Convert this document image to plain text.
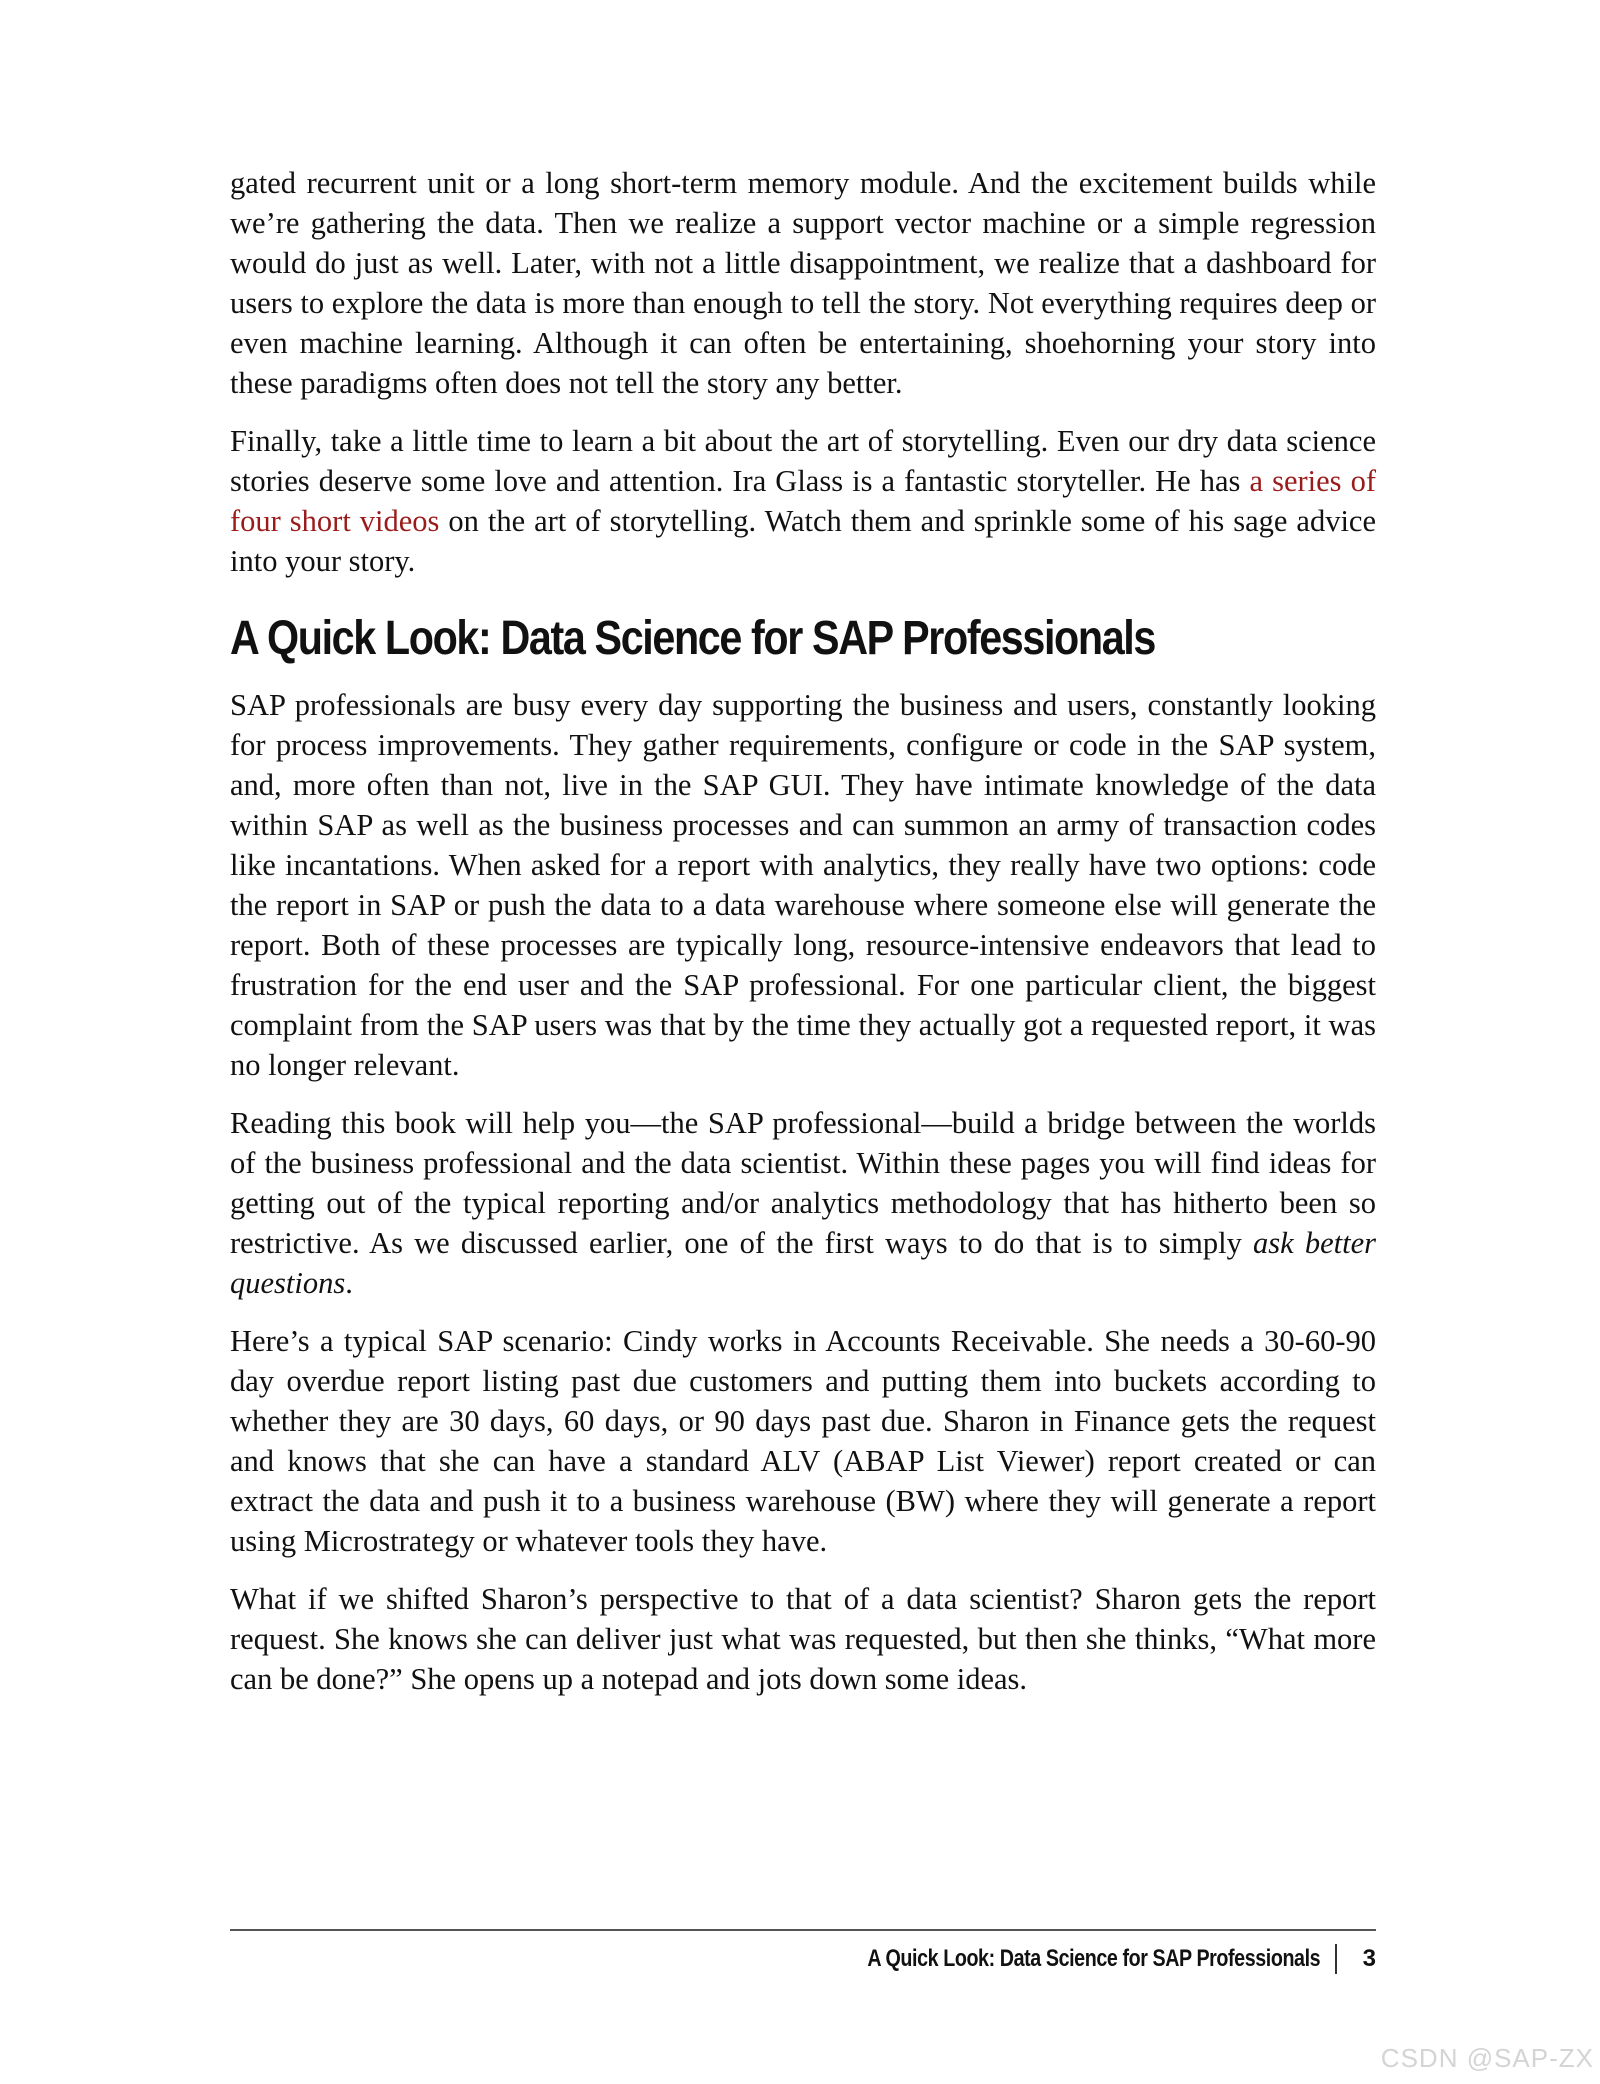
gated recurrent unit or a long short-term memory module. And the excitement builds while we’re gathering the data. Then we realize a support vector machine or a simple regression would do just as well. Later, with not a little disappointment, we realize that a dashboard for users to explore the data is more than enough to tell the story. Not everything requires deep or even machine learning. Although it can often be entertaining, shoehorning your story into these paradigms often does not tell the story any better.

Finally, take a little time to learn a bit about the art of storytelling. Even our dry data science stories deserve some love and attention. Ira Glass is a fantastic storyteller. He has a series of four short videos on the art of storytelling. Watch them and sprinkle some of his sage advice into your story.

A Quick Look: Data Science for SAP Professionals

SAP professionals are busy every day supporting the business and users, constantly looking for process improvements. They gather requirements, configure or code in the SAP system, and, more often than not, live in the SAP GUI. They have intimate knowledge of the data within SAP as well as the business processes and can summon an army of transaction codes like incantations. When asked for a report with analytics, they really have two options: code the report in SAP or push the data to a data warehouse where someone else will generate the report. Both of these processes are typically long, resource-intensive endeavors that lead to frustration for the end user and the SAP professional. For one particular client, the biggest complaint from the SAP users was that by the time they actually got a requested report, it was no longer relevant.

Reading this book will help you—the SAP professional—build a bridge between the worlds of the business professional and the data scientist. Within these pages you will find ideas for getting out of the typical reporting and/or analytics methodology that has hitherto been so restrictive. As we discussed earlier, one of the first ways to do that is to simply ask better questions.

Here’s a typical SAP scenario: Cindy works in Accounts Receivable. She needs a 30-60-90 day overdue report listing past due customers and putting them into buckets according to whether they are 30 days, 60 days, or 90 days past due. Sharon in Finance gets the request and knows that she can have a standard ALV (ABAP List Viewer) report created or can extract the data and push it to a business warehouse (BW) where they will generate a report using Microstrategy or whatever tools they have.

What if we shifted Sharon’s perspective to that of a data scientist? Sharon gets the report request. She knows she can deliver just what was requested, but then she thinks, “What more can be done?” She opens up a notepad and jots down some ideas.

A Quick Look: Data Science for SAP Professionals 3
CSDN @SAP-ZX
